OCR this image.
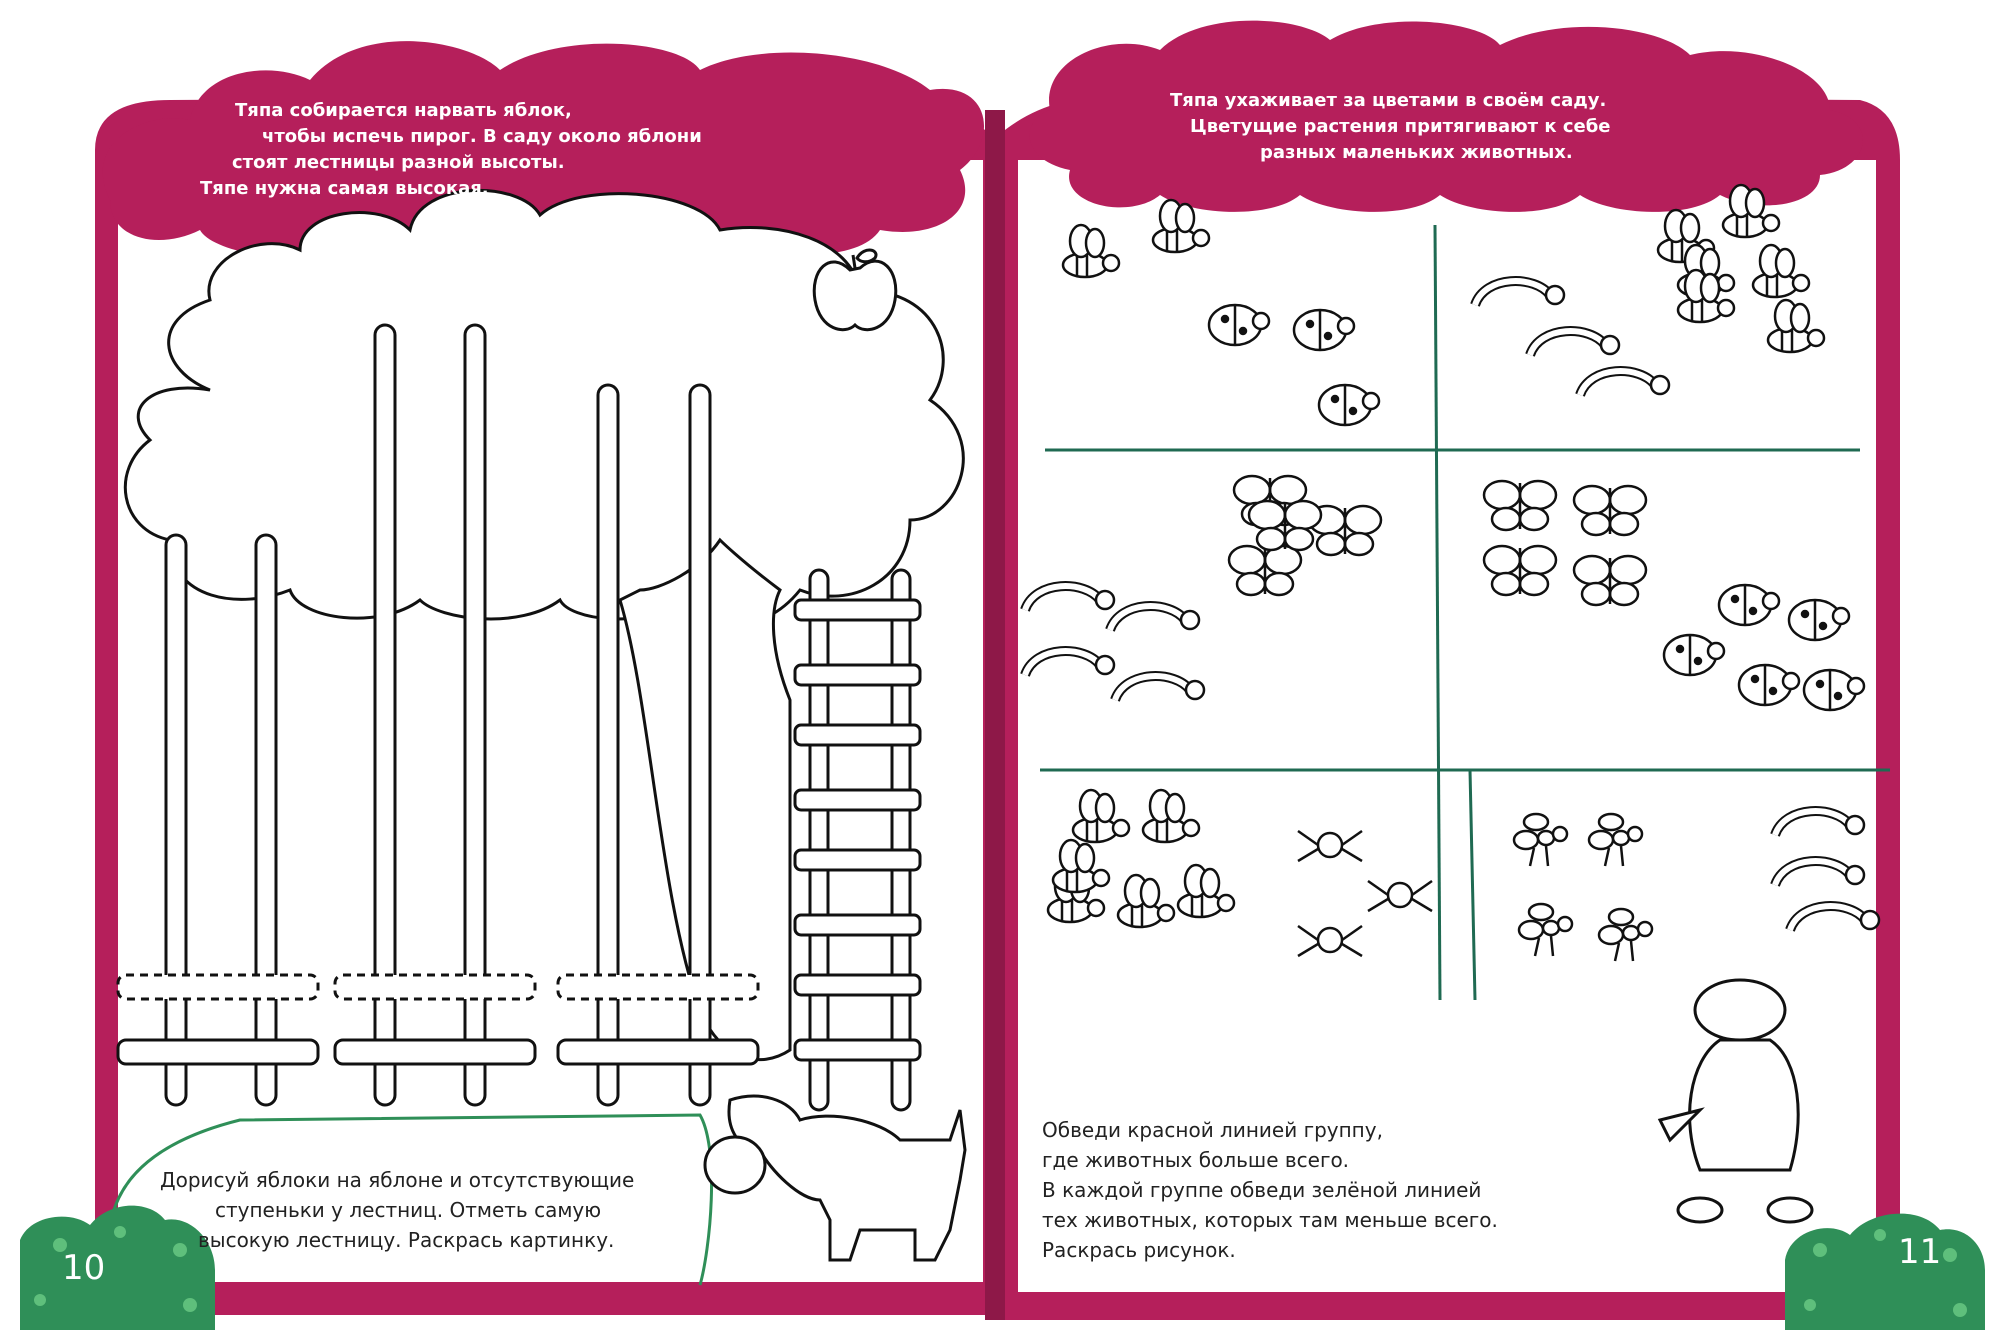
Тяпа собирается нарвать яблок,
чтобы испечь пирог. В саду около яблони
стоят лестницы разной высоты.
Тяпе нужна самая высокая.
Тяпа ухаживает за цветами в своём саду.
Цветущие растения притягивают к себе
разных маленьких животных.
Дорисуй яблоки на яблоне и отсутствующие
ступеньки у лестниц. Отметь самую
высокую лестницу. Раскрась картинку.
Обведи красной линией группу,
где животных больше всего.
В каждой группе обведи зелёной линией
тех животных, которых там меньше всего.
Раскрась рисунок.
10	11
